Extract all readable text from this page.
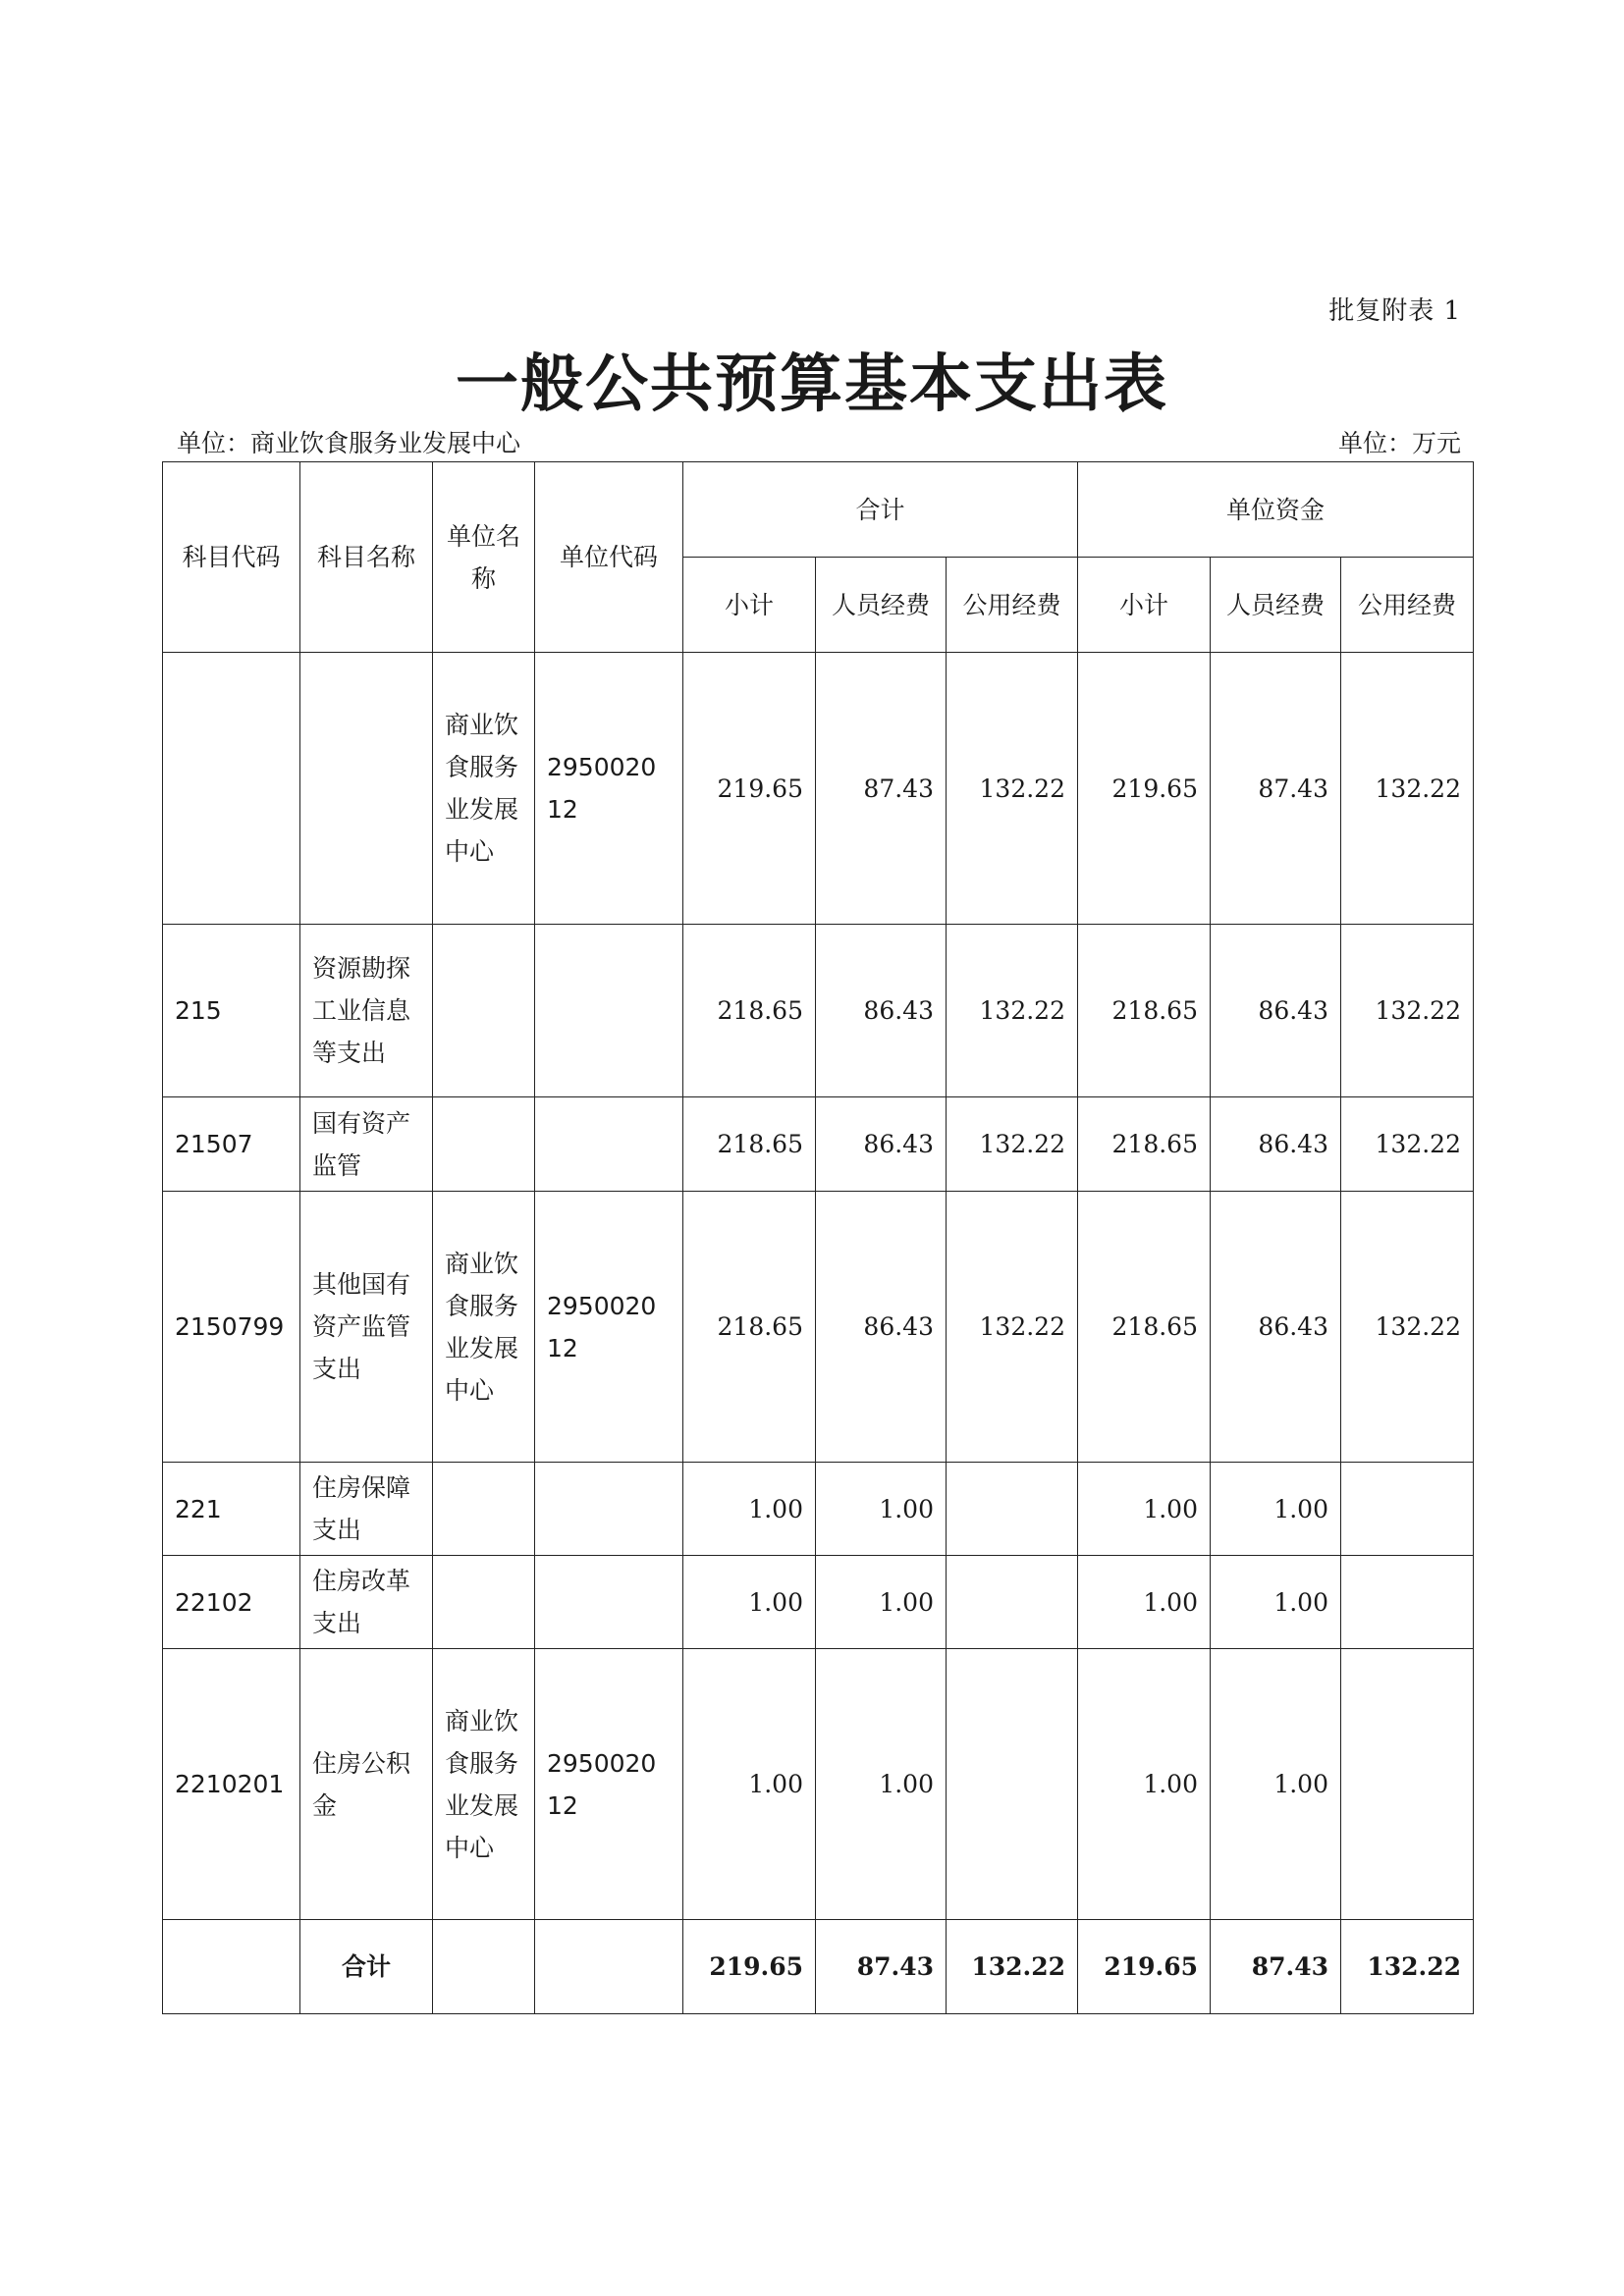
批复附表 1
一般公共预算基本支出表
单位：商业饮食服务业发展中心	单位：万元
科目代码	科目名称	单位名称	单位代码	合计			单位资金		
				小计	人员经费	公用经费	小计	人员经费	公用经费
		商业饮食服务业发展中心	295002012	219.65	87.43	132.22	219.65	87.43	132.22
215	资源勘探工业信息等支出			218.65	86.43	132.22	218.65	86.43	132.22
21507	国有资产监管			218.65	86.43	132.22	218.65	86.43	132.22
2150799	其他国有资产监管支出	商业饮食服务业发展中心	295002012	218.65	86.43	132.22	218.65	86.43	132.22
221	住房保障支出			1.00	1.00		1.00	1.00	
22102	住房改革支出			1.00	1.00		1.00	1.00	
2210201	住房公积金	商业饮食服务业发展中心	295002012	1.00	1.00		1.00	1.00	
	合计			219.65	87.43	132.22	219.65	87.43	132.22
